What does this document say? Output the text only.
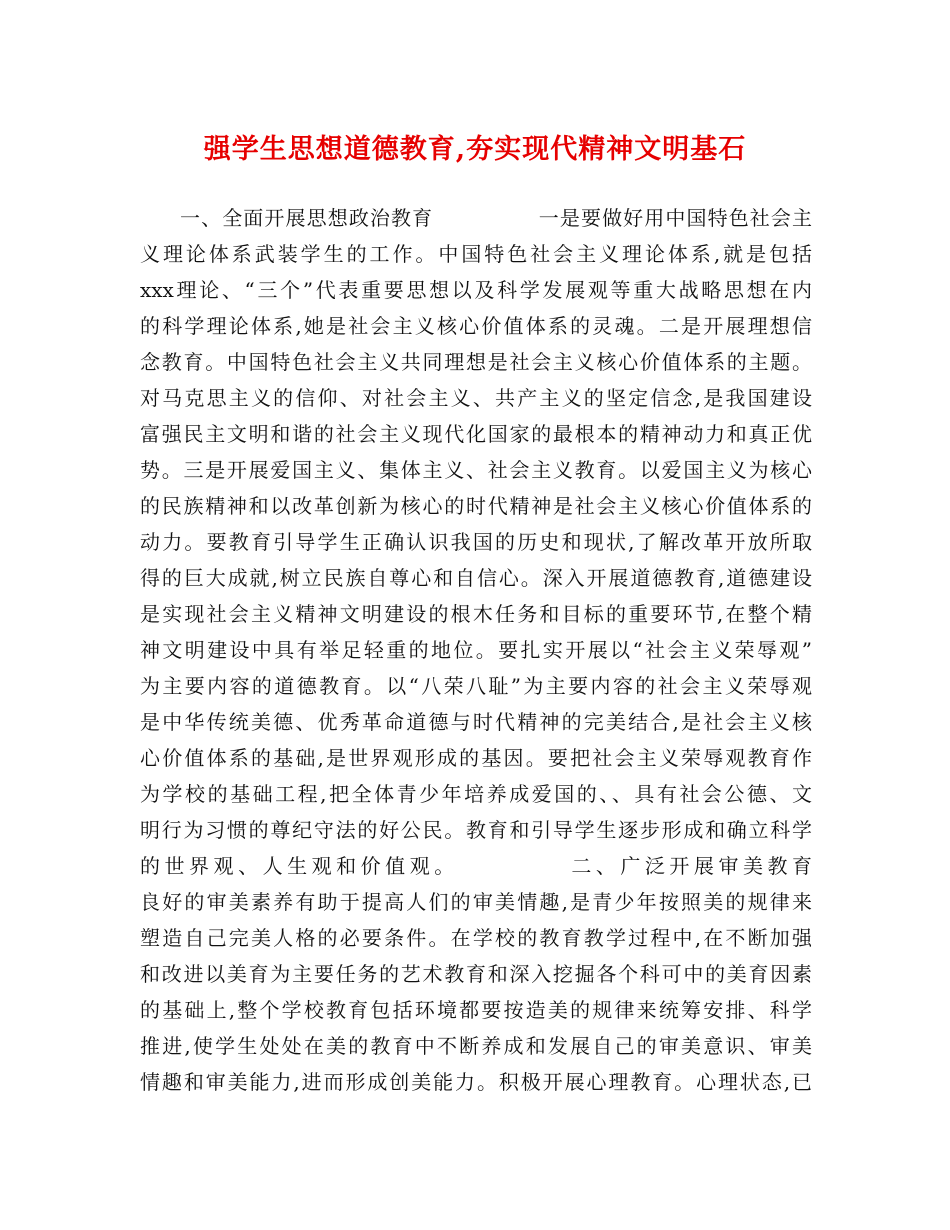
强学生思想道德教育,夯实现代精神文明基石
一、全面开展思想政治教育　　　　　一是要做好用中国特色社会主
义理论体系武装学生的工作。中国特色社会主义理论体系,就是包括
xxx理论、“三个”代表重要思想以及科学发展观等重大战略思想在内
的科学理论体系,她是社会主义核心价值体系的灵魂。二是开展理想信
念教育。中国特色社会主义共同理想是社会主义核心价值体系的主题。
对马克思主义的信仰、对社会主义、共产主义的坚定信念,是我国建设
富强民主文明和谐的社会主义现代化国家的最根本的精神动力和真正优
势。三是开展爱国主义、集体主义、社会主义教育。以爱国主义为核心
的民族精神和以改革创新为核心的时代精神是社会主义核心价值体系的
动力。要教育引导学生正确认识我国的历史和现状,了解改革开放所取
得的巨大成就,树立民族自尊心和自信心。深入开展道德教育,道德建设
是实现社会主义精神文明建设的根木任务和目标的重要环节,在整个精
神文明建设中具有举足轻重的地位。要扎实开展以“社会主义荣辱观”
为主要内容的道德教育。以“八荣八耻”为主要内容的社会主义荣辱观
是中华传统美德、优秀革命道德与时代精神的完美结合,是社会主义核
心价值体系的基础,是世界观形成的基因。要把社会主义荣辱观教育作
为学校的基础工程,把全体青少年培养成爱国的、、具有社会公德、文
明行为习惯的尊纪守法的好公民。教育和引导学生逐步形成和确立科学
的世界观、人生观和价值观。　　　　　二、广泛开展审美教育
良好的审美素养有助于提高人们的审美情趣,是青少年按照美的规律来
塑造自己完美人格的必要条件。在学校的教育教学过程中,在不断加强
和改进以美育为主要任务的艺术教育和深入挖掘各个科可中的美育因素
的基础上,整个学校教育包括环境都要按造美的规律来统筹安排、科学
推进,使学生处处在美的教育中不断养成和发展自己的审美意识、审美
情趣和审美能力,进而形成创美能力。积极开展心理教育。心理状态,已
